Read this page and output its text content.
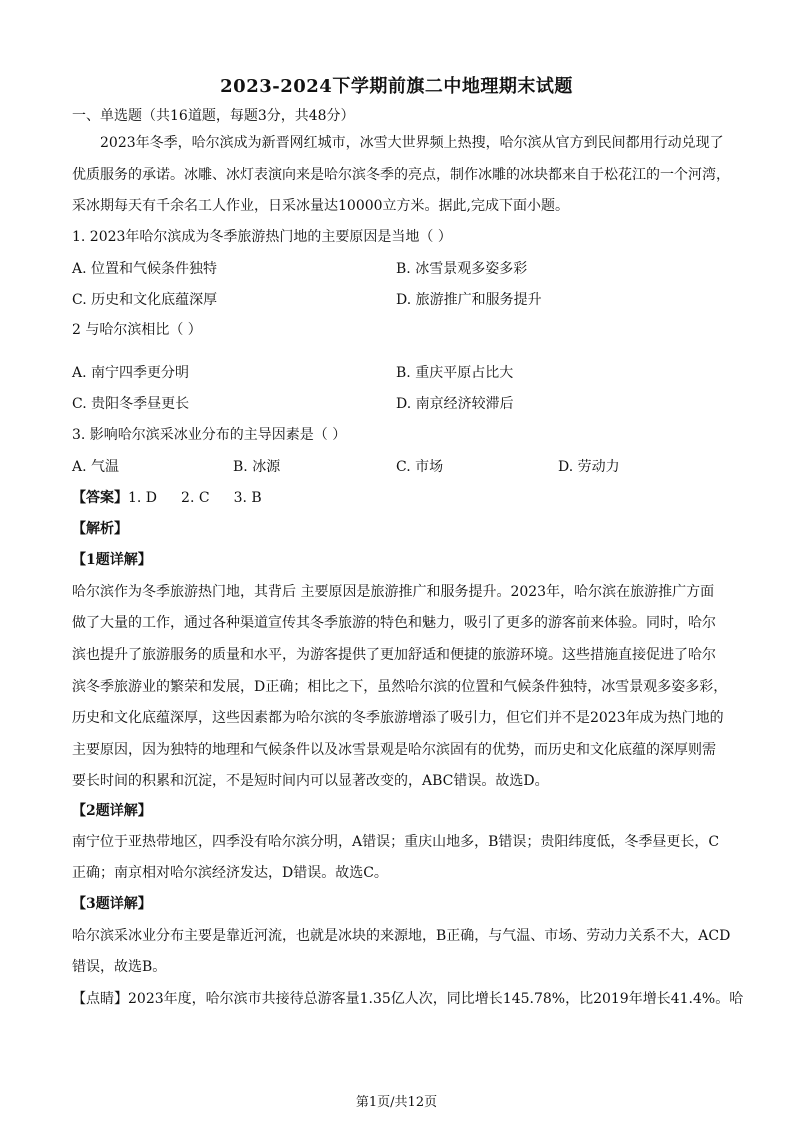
2023-2024下学期前旗二中地理期末试题
一、单选题（共16道题，每题3分，共48分）
2023年冬季，哈尔滨成为新晋网红城市，冰雪大世界频上热搜，哈尔滨从官方到民间都用行动兑现了
优质服务的承诺。冰雕、冰灯表演向来是哈尔滨冬季的亮点，制作冰雕的冰块都来自于松花江的一个河湾，
采冰期每天有千余名工人作业，日采冰量达10000立方米。据此,完成下面小题。
1. 2023年哈尔滨成为冬季旅游热门地的主要原因是当地（ ）
A. 位置和气候条件独特	B. 冰雪景观多姿多彩
C. 历史和文化底蕴深厚	D. 旅游推广和服务提升
2 与哈尔滨相比（ ）
A. 南宁四季更分明	B. 重庆平原占比大
C. 贵阳冬季昼更长	D. 南京经济较滞后
3. 影响哈尔滨采冰业分布的主导因素是（ ）
A. 气温	B. 冰源	C. 市场	D. 劳动力
【答案】1. D 2. C 3. B
【解析】
【1题详解】
哈尔滨作为冬季旅游热门地，其背后 主要原因是旅游推广和服务提升。2023年，哈尔滨在旅游推广方面
做了大量的工作，通过各种渠道宣传其冬季旅游的特色和魅力，吸引了更多的游客前来体验。同时，哈尔
滨也提升了旅游服务的质量和水平，为游客提供了更加舒适和便捷的旅游环境。这些措施直接促进了哈尔
滨冬季旅游业的繁荣和发展，D正确；相比之下，虽然哈尔滨的位置和气候条件独特，冰雪景观多姿多彩，
历史和文化底蕴深厚，这些因素都为哈尔滨的冬季旅游增添了吸引力，但它们并不是2023年成为热门地的
主要原因，因为独特的地理和气候条件以及冰雪景观是哈尔滨固有的优势，而历史和文化底蕴的深厚则需
要长时间的积累和沉淀，不是短时间内可以显著改变的，ABC错误。故选D。
【2题详解】
南宁位于亚热带地区，四季没有哈尔滨分明，A错误；重庆山地多，B错误；贵阳纬度低，冬季昼更长，C
正确；南京相对哈尔滨经济发达，D错误。故选C。
【3题详解】
哈尔滨采冰业分布主要是靠近河流，也就是冰块的来源地，B正确，与气温、市场、劳动力关系不大，ACD
错误，故选B。
【点睛】2023年度，哈尔滨市共接待总游客量1.35亿人次，同比增长145.78%，比2019年增长41.4%。哈
第1页/共12页
